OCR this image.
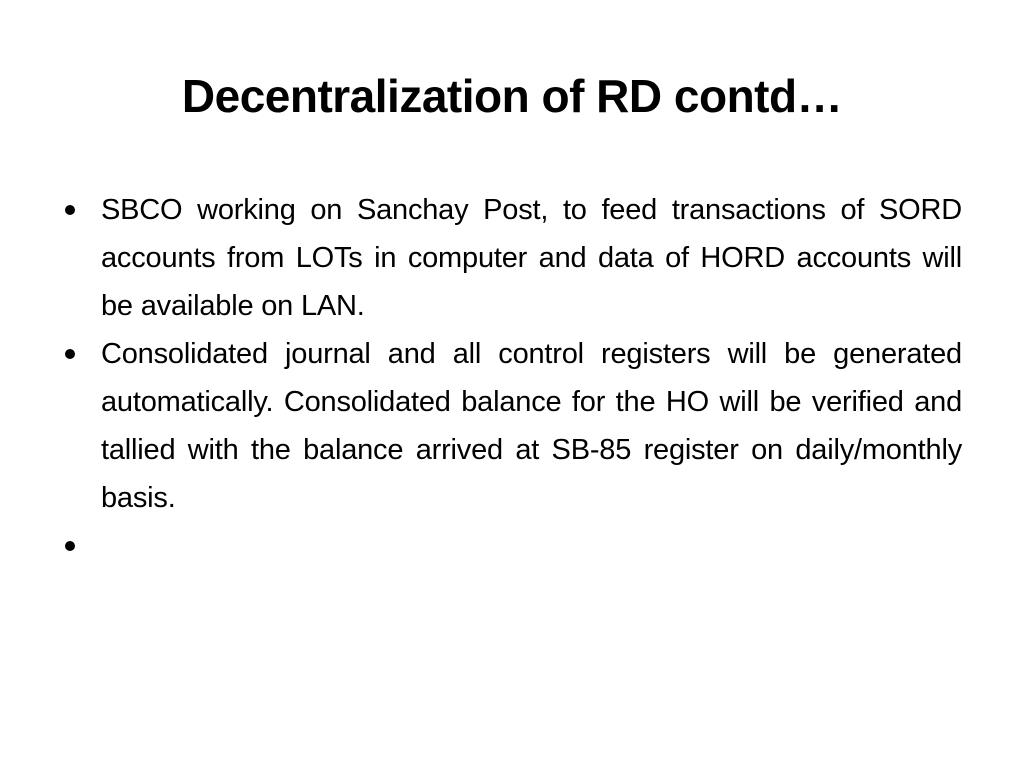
Decentralization of RD contd…
SBCO working on Sanchay Post, to feed transactions of SORD accounts from LOTs in computer and data of HORD accounts will be available on LAN.
Consolidated journal and all control registers will be generated automatically. Consolidated balance for the HO will be verified and tallied with the balance arrived at SB-85 register on daily/monthly basis.
